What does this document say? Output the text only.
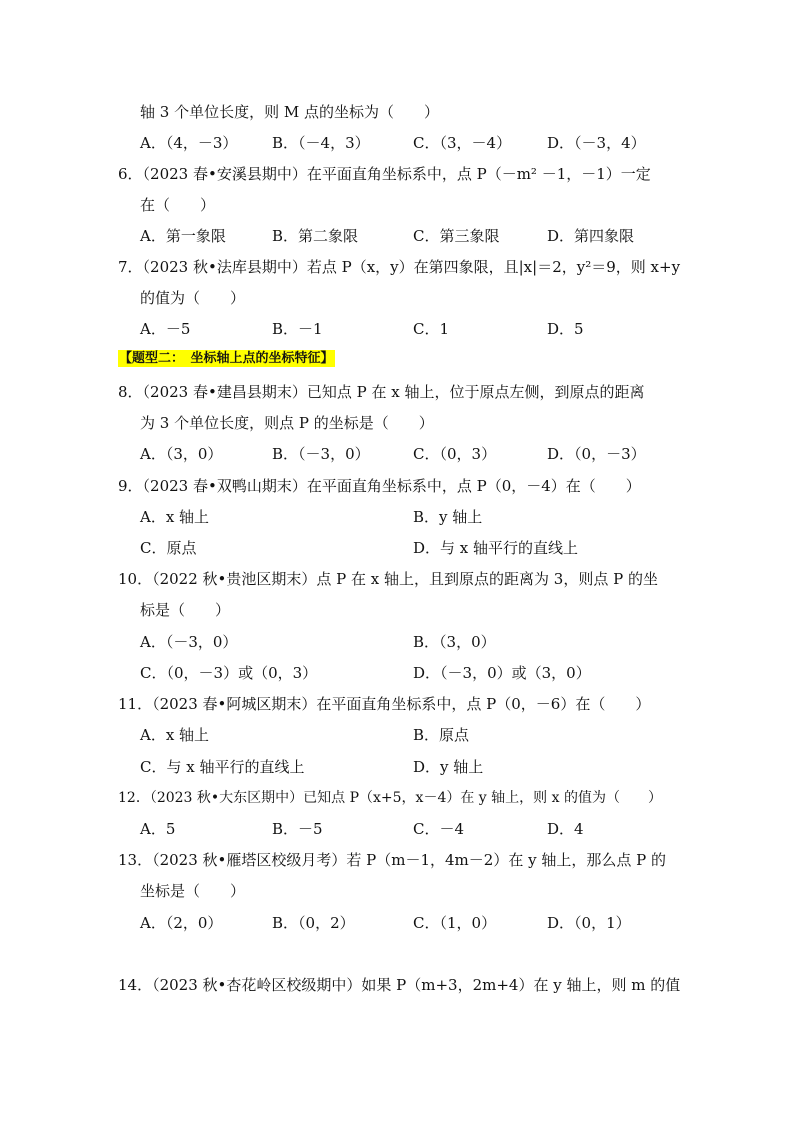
轴 3 个单位长度，则 M 点的坐标为（　　）
A．（4，－3） B．（－4，3）	C．（3，－4） D．（－3，4）
6．（2023 春•安溪县期中）在平面直角坐标系中，点 P（－m² －1，－1）一定
在（　　）
A．第一象限	B．第二象限	C．第三象限	D．第四象限
7．（2023 秋•法库县期中）若点 P（x，y）在第四象限，且|x|＝2，y²＝9，则 x+y
的值为（　　）
A．－5	B．－1	C．1	D．5
【题型二：　坐标轴上点的坐标特征】
8．（2023 春•建昌县期末）已知点 P 在 x 轴上，位于原点左侧，到原点的距离
为 3 个单位长度，则点 P 的坐标是（　　）
A．（3，0）	B．（－3，0）	C．（0，3）	D．（0，－3）
9．（2023 春•双鸭山期末）在平面直角坐标系中，点 P（0，－4）在（　　）
A．x 轴上	B．y 轴上
C．原点	D．与 x 轴平行的直线上
10．（2022 秋•贵池区期末）点 P 在 x 轴上，且到原点的距离为 3，则点 P 的坐
标是（　　）
A．（－3，0）	B．（3，0）
C．（0，－3）或（0，3）	D．（－3，0）或（3，0）
11．（2023 春•阿城区期末）在平面直角坐标系中，点 P（0，－6）在（　　）
A．x 轴上	B．原点
C．与 x 轴平行的直线上	D．y 轴上
12．（2023 秋•大东区期中）已知点 P（x+5，x－4）在 y 轴上，则 x 的值为（　　）
A．5	B．－5	C．－4	D．4
13．（2023 秋•雁塔区校级月考）若 P（m－1，4m－2）在 y 轴上，那么点 P 的
坐标是（　　）
A．（2，0）	B．（0，2）	C．（1，0）	D．（0，1）
14．（2023 秋•杏花岭区校级期中）如果 P（m+3，2m+4）在 y 轴上，则 m 的值
